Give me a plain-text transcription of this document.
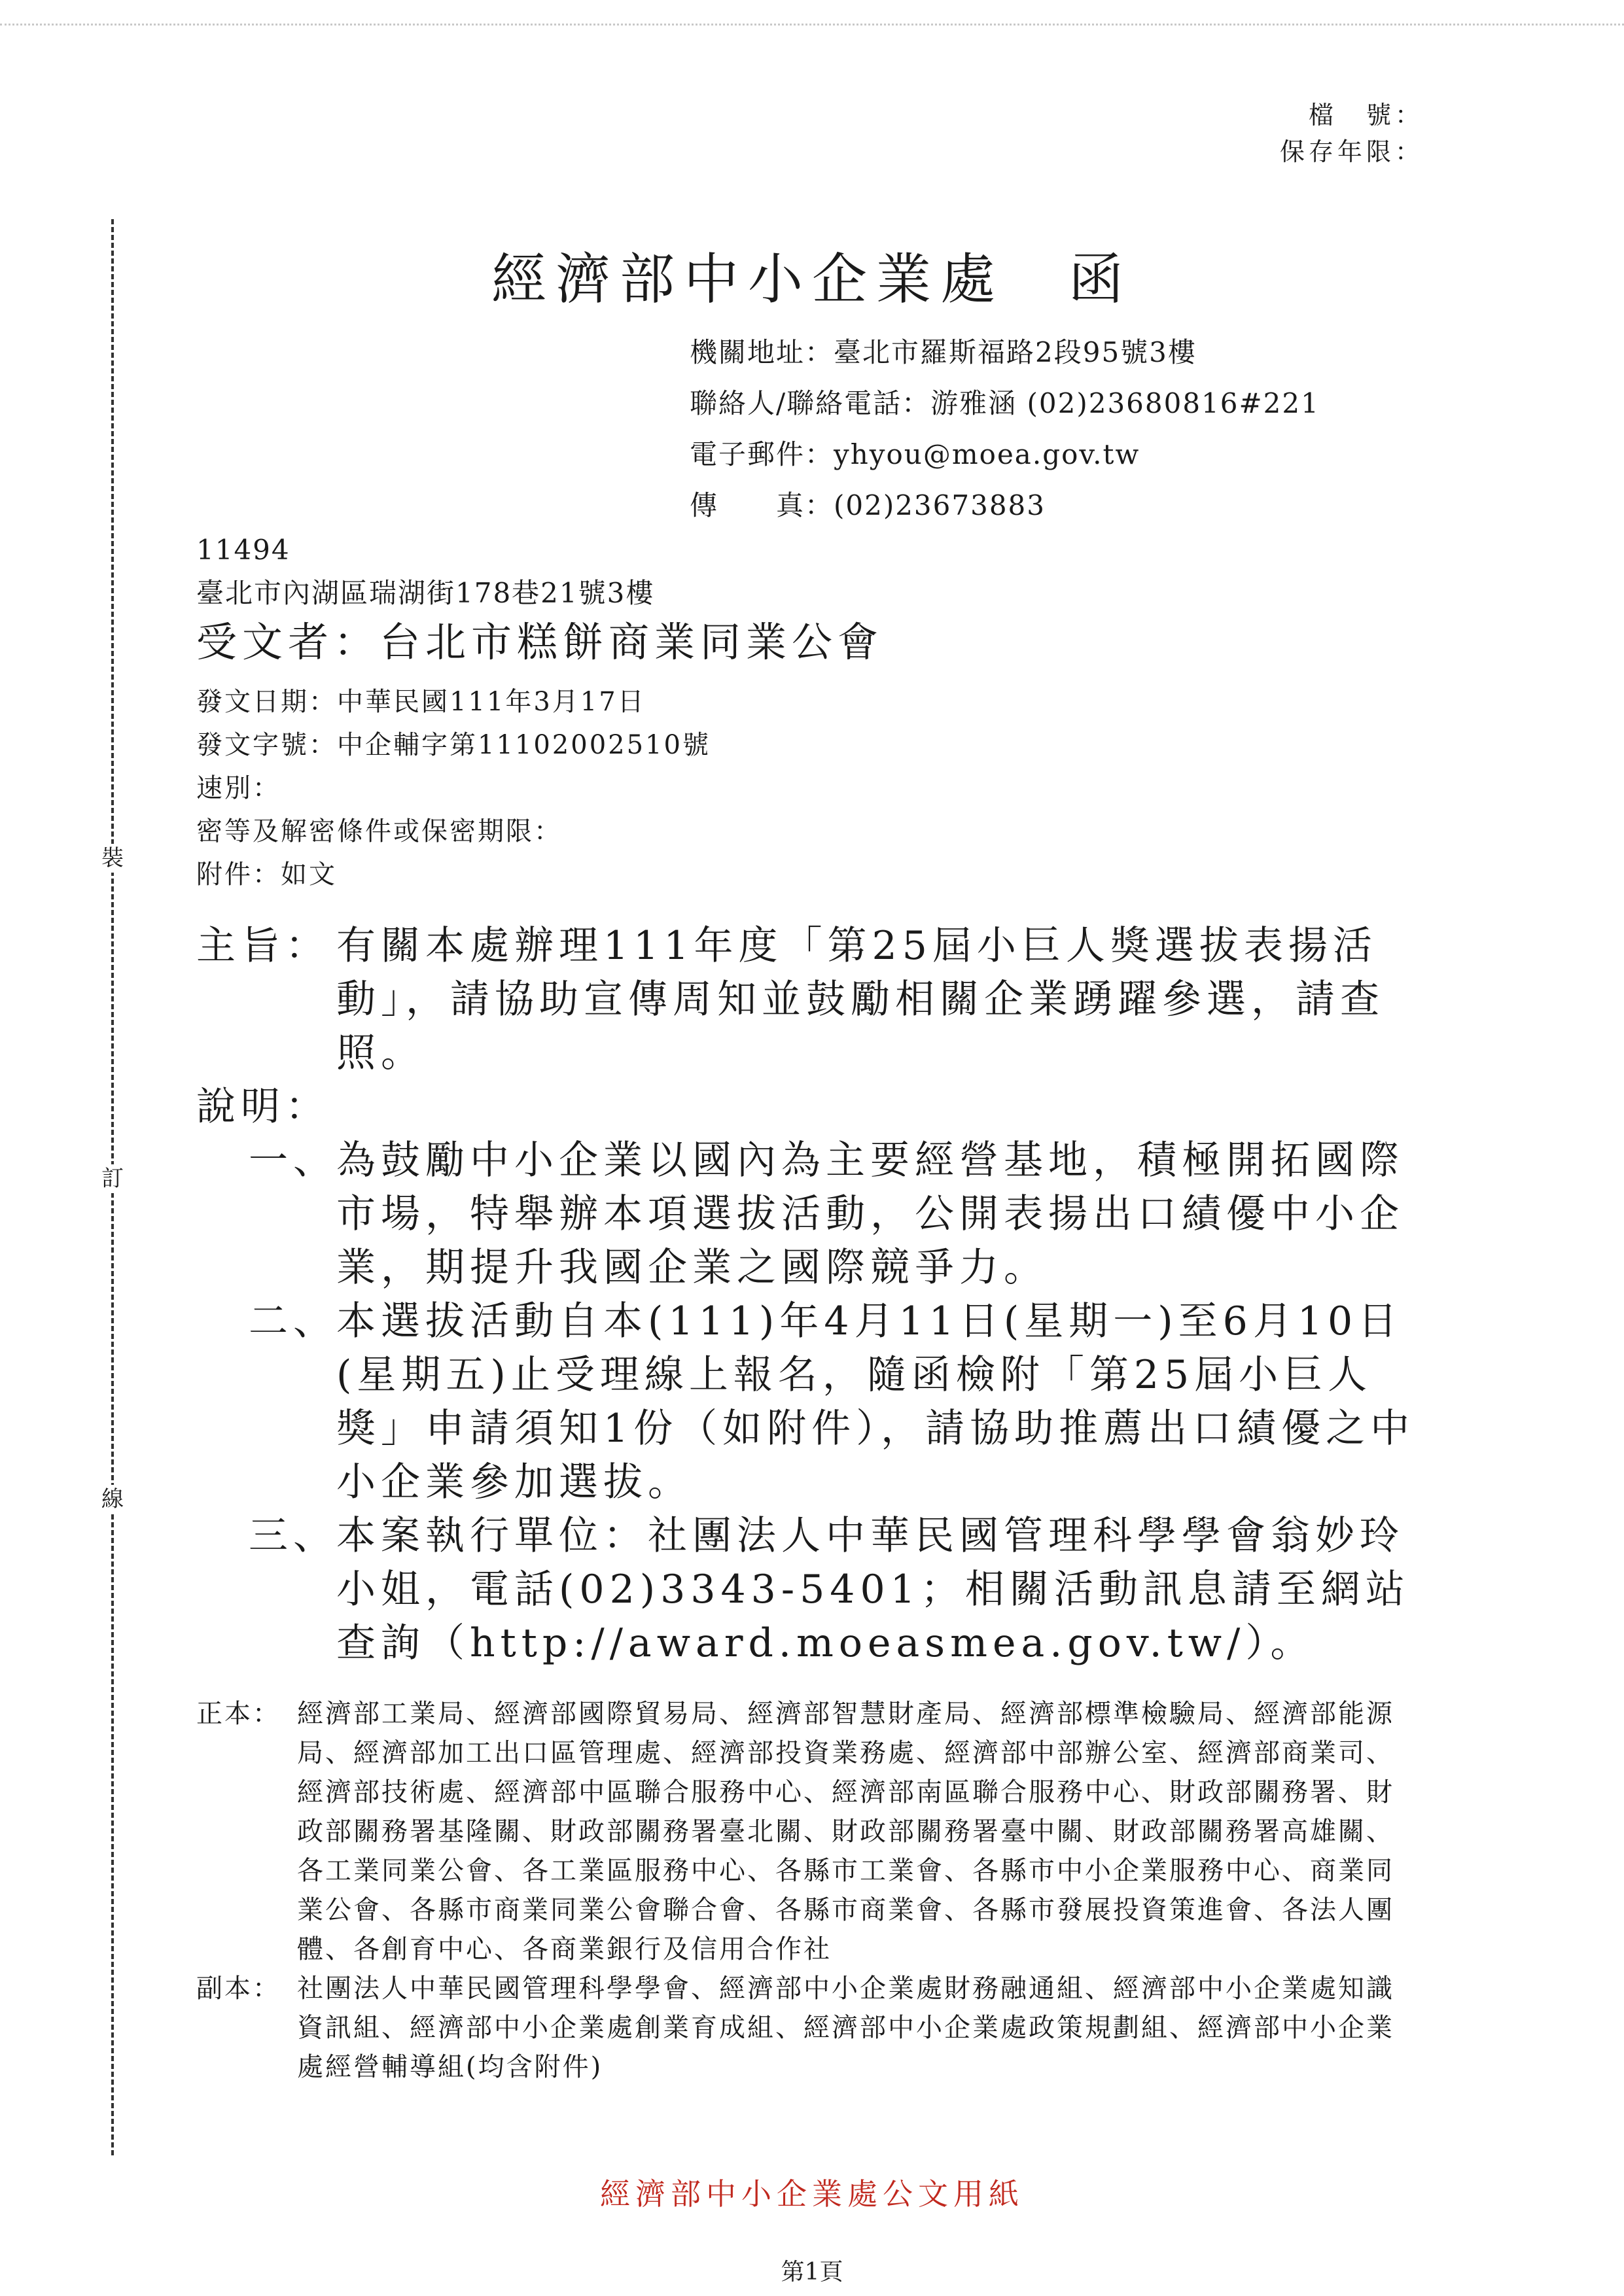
裝
訂
線
檔　號：
保存年限：
經濟部中小企業處　函
機關地址：臺北市羅斯福路2段95號3樓
聯絡人/聯絡電話：游雅涵 (02)23680816#221
電子郵件：yhyou@moea.gov.tw
傳　　真：(02)23673883
11494
臺北市內湖區瑞湖街178巷21號3樓
受文者：台北市糕餅商業同業公會
發文日期：中華民國111年3月17日
發文字號：中企輔字第11102002510號
速別：
密等及解密條件或保密期限：
附件：如文
主旨： 有關本處辦理111年度「第25屆小巨人獎選拔表揚活動」，請協助宣傳周知並鼓勵相關企業踴躍參選，請查照。
說明：
一、
為鼓勵中小企業以國內為主要經營基地，積極開拓國際市場，特舉辦本項選拔活動，公開表揚出口績優中小企業，期提升我國企業之國際競爭力。
二、
本選拔活動自本(111)年4月11日(星期一)至6月10日(星期五)止受理線上報名，隨函檢附「第25屆小巨人獎」申請須知1份（如附件），請協助推薦出口績優之中小企業參加選拔。
三、
本案執行單位：社團法人中華民國管理科學學會翁妙玲小姐，電話(02)3343-5401；相關活動訊息請至網站查詢（http://award.moeasmea.gov.tw/）。
正本： 經濟部工業局、經濟部國際貿易局、經濟部智慧財產局、經濟部標準檢驗局、經濟部能源局、經濟部加工出口區管理處、經濟部投資業務處、經濟部中部辦公室、經濟部商業司、經濟部技術處、經濟部中區聯合服務中心、經濟部南區聯合服務中心、財政部關務署、財政部關務署基隆關、財政部關務署臺北關、財政部關務署臺中關、財政部關務署高雄關、各工業同業公會、各工業區服務中心、各縣市工業會、各縣市中小企業服務中心、商業同業公會、各縣市商業同業公會聯合會、各縣市商業會、各縣市發展投資策進會、各法人團體、各創育中心、各商業銀行及信用合作社
副本： 社團法人中華民國管理科學學會、經濟部中小企業處財務融通組、經濟部中小企業處知識資訊組、經濟部中小企業處創業育成組、經濟部中小企業處政策規劃組、經濟部中小企業處經營輔導組(均含附件)
經濟部中小企業處公文用紙
第1頁
